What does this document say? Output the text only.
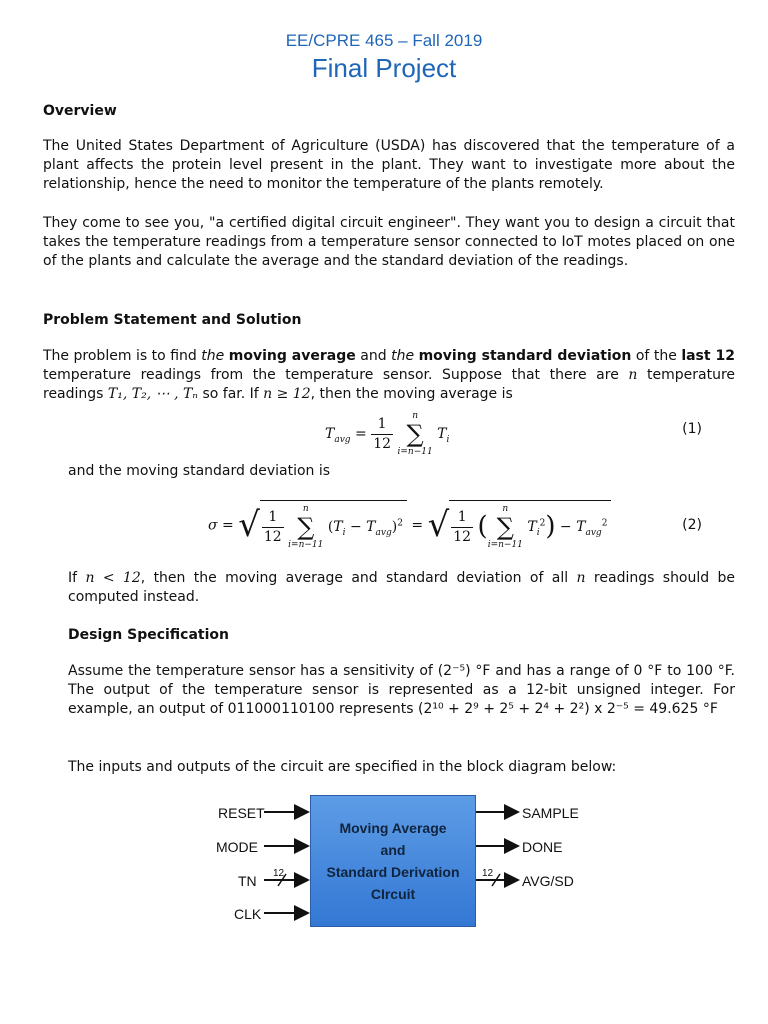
EE/CPRE 465 – Fall 2019
Final Project
Overview
The United States Department of Agriculture (USDA) has discovered that the temperature of a plant affects the protein level present in the plant. They want to investigate more about the relationship, hence the need to monitor the temperature of the plants remotely.
They come to see you, "a certified digital circuit engineer". They want you to design a circuit that takes the temperature readings from a temperature sensor connected to IoT motes placed on one of the plants and calculate the average and the standard deviation of the readings.
Problem Statement and Solution
The problem is to find the moving average and the moving standard deviation of the last 12 temperature readings from the temperature sensor. Suppose that there are n temperature readings T₁, T₂, ⋯ , Tₙ so far. If n ≥ 12, then the moving average is
$T_{avg} = \frac{1}{12}$
	n
∑
i=n−11
$T_i$
(1)
and the moving standard deviation is
σ = √ $\frac{1}{12}$
	n
∑
i=n−11
$(T_i - T_{avg})^2$ = √ $\frac{1}{12}$ (
n
∑
i=n−11
$T_i^2) - T_{avg}^2$	(2)
If n < 12, then the moving average and standard deviation of all n readings should be computed instead.
Design Specification
Assume the temperature sensor has a sensitivity of (2⁻⁵) °F and has a range of 0 °F to 100 °F. The output of the temperature sensor is represented as a 12-bit unsigned integer. For example, an output of 011000110100 represents (2¹⁰ + 2⁹ + 2⁵ + 2⁴ + 2²) x 2⁻⁵ = 49.625 °F
The inputs and outputs of the circuit are specified in the block diagram below:
RESET
MODE
TN
CLK
12
Moving Average
and
Standard Derivation
CIrcuit
SAMPLE
DONE
AVG/SD
12
